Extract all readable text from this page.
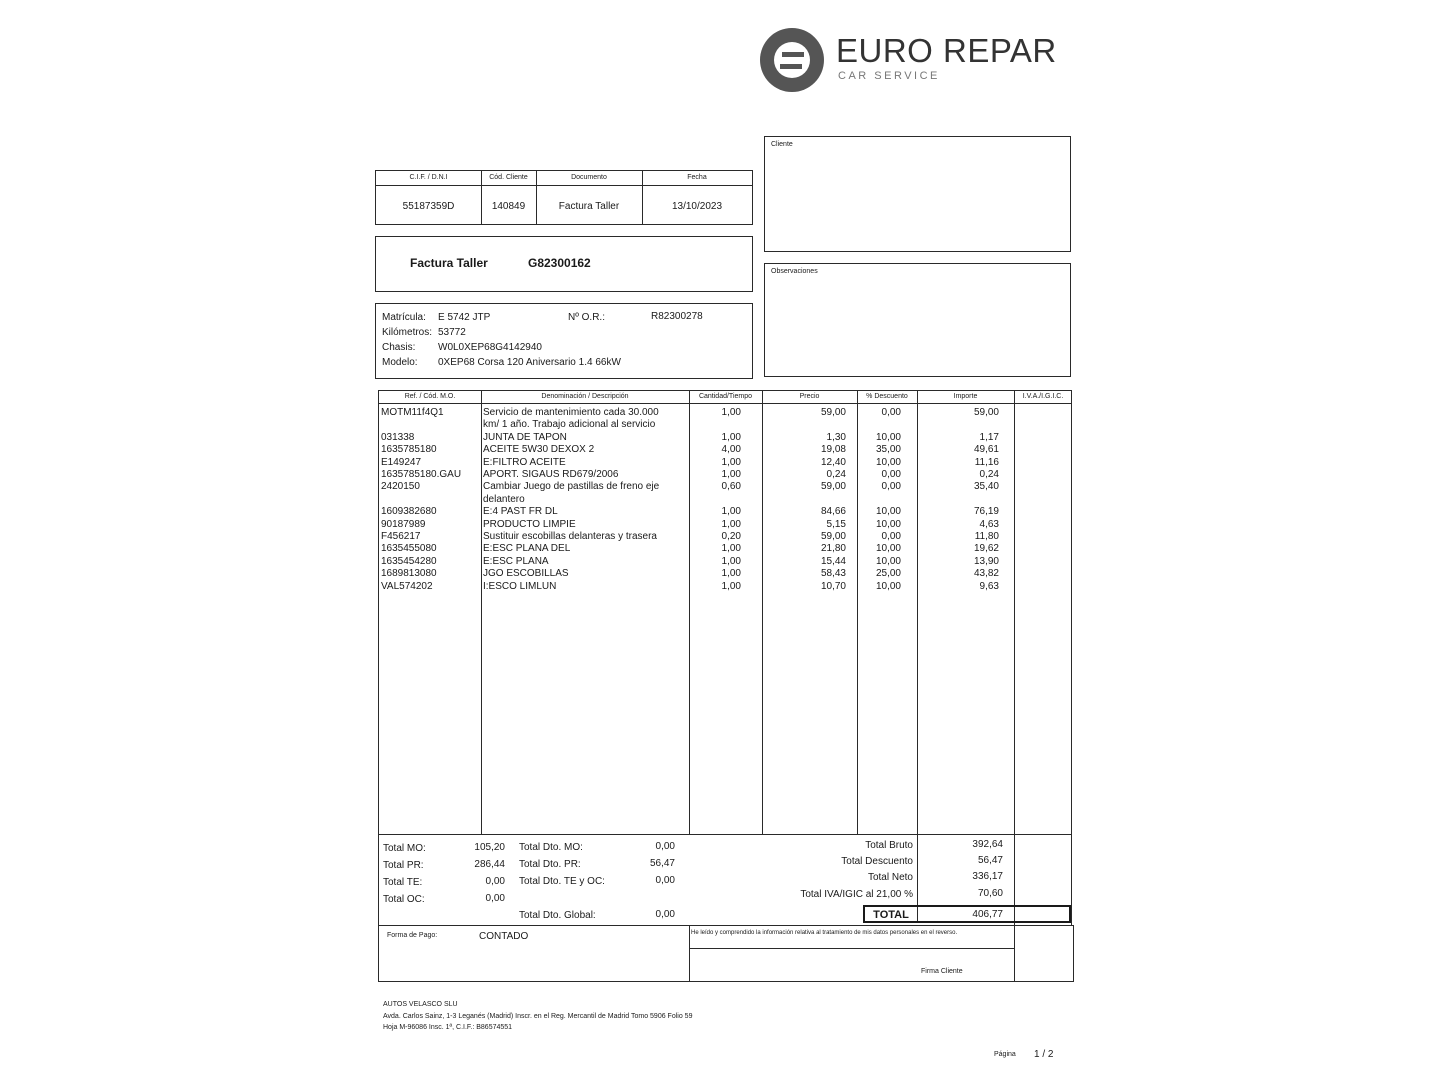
EURO REPAR
CAR SERVICE
C.I.F. / D.N.I	Cód. Cliente	Documento	Fecha
55187359D	140849	Factura Taller	13/10/2023
Cliente
Observaciones
Factura Taller	G82300162
Matrícula: E 5742 JTP	Nº O.R.:	R82300278
Kilómetros: 53772
Chasis: W0L0XEP68G4142940
Modelo: 0XEP68 Corsa 120 Aniversario 1.4 66kW
Ref. / Cód. M.O.	Denominación / Descripción	Cantidad/Tiempo	Precio	% Descuento	Importe	I.V.A./I.G.I.C.
MOTM11f4Q1	Servicio de mantenimiento cada 30.000	1,00	59,00	0,00	59,00
km/ 1 año. Trabajo adicional al servicio
031338	JUNTA DE TAPON	1,00	1,30	10,00	1,17
1635785180	ACEITE 5W30 DEXOX 2	4,00	19,08	35,00	49,61
E149247	E:FILTRO ACEITE	1,00	12,40	10,00	11,16
1635785180.GAU	APORT. SIGAUS RD679/2006	1,00	0,24	0,00	0,24
2420150	Cambiar Juego de pastillas de freno eje	0,60	59,00	0,00	35,40
delantero
1609382680	E:4 PAST FR DL	1,00	84,66	10,00	76,19
90187989	PRODUCTO LIMPIE	1,00	5,15	10,00	4,63
F456217	Sustituir escobillas delanteras y trasera	0,20	59,00	0,00	11,80
1635455080	E:ESC PLANA DEL	1,00	21,80	10,00	19,62
1635454280	E:ESC PLANA	1,00	15,44	10,00	13,90
1689813080	JGO ESCOBILLAS	1,00	58,43	25,00	43,82
VAL574202	I:ESCO LIMLUN	1,00	10,70	10,00	9,63
Total MO:	105,20
Total PR:	286,44
Total TE:	0,00
Total OC:	0,00
Total Dto. MO:	0,00
Total Dto. PR:	56,47
Total Dto. TE y OC:	0,00
Total Dto. Global:	0,00
Total Bruto	392,64
Total Descuento	56,47
Total Neto	336,17
Total IVA/IGIC al 21,00 %	70,60
TOTAL	406,77
Forma de Pago:	CONTADO	He leído y comprendido la información relativa al tratamiento de mis datos personales en el reverso.
Firma Cliente
AUTOS VELASCO SLU
Avda. Carlos Sainz, 1-3 Leganés (Madrid) Inscr. en el Reg. Mercantil de Madrid Tomo 5906 Folio 59
Hoja M-96086 Insc. 1ª, C.I.F.: B86574551
Página 1 / 2
